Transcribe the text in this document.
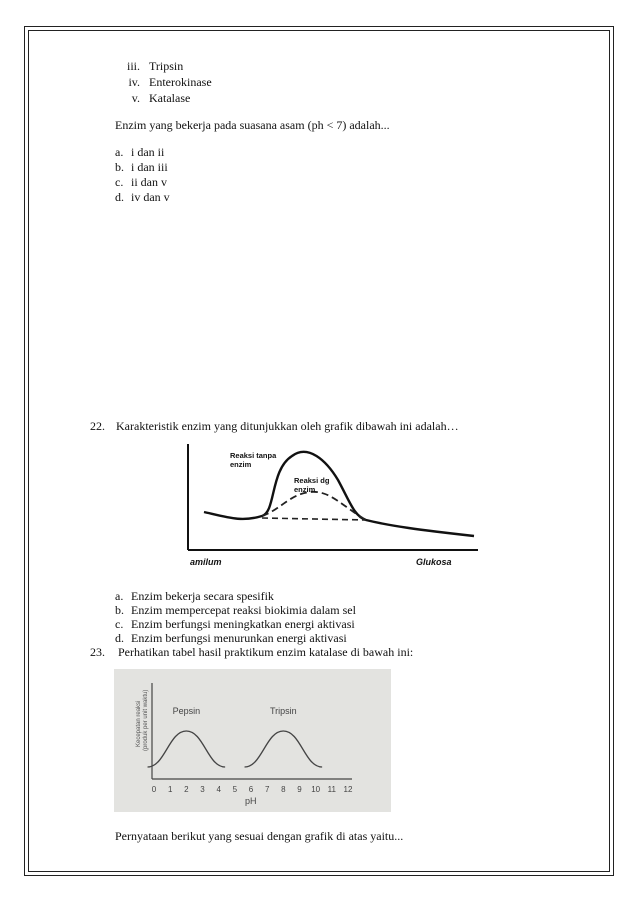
iii. Tripsin
iv. Enterokinase
v. Katalase
Enzim yang bekerja pada suasana asam (ph < 7) adalah...
a. i dan ii
b. i dan iii
c. ii dan v
d. iv dan v
22. Karakteristik enzim yang ditunjukkan oleh grafik dibawah ini adalah…
Reaksi tanpa
enzim
Reaksi dg
enzim
amilum	Glukosa
a. Enzim bekerja secara spesifik
b. Enzim mempercepat reaksi biokimia dalam sel
c. Enzim berfungsi meningkatkan energi aktivasi
d. Enzim berfungsi menurunkan energi aktivasi
23. Perhatikan tabel hasil praktikum enzim katalase di bawah ini:
Kecepatan reaksi (produk per unit waktu)
0 1 2 3 4 5 6 7 8 9 10 11 12
Pepsin	Tripsin
pH
Pernyataan berikut yang sesuai dengan grafik di atas yaitu...
